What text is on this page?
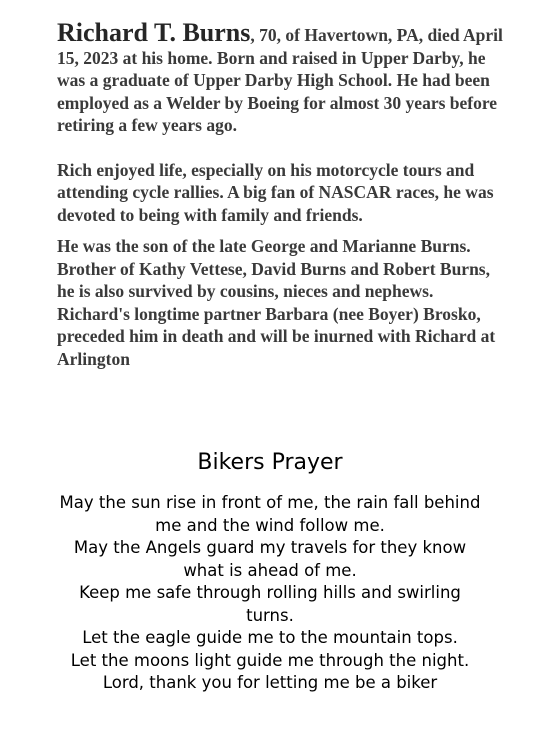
Richard T. Burns, 70, of Havertown, PA, died April 15, 2023 at his home. Born and raised in Upper Darby, he was a graduate of Upper Darby High School. He had been employed as a Welder by Boeing for almost 30 years before retiring a few years ago.

Rich enjoyed life, especially on his motorcycle tours and attending cycle rallies. A big fan of NASCAR races, he was devoted to being with family and friends.

He was the son of the late George and Marianne Burns. Brother of Kathy Vettese, David Burns and Robert Burns, he is also survived by cousins, nieces and nephews.

Richard's longtime partner Barbara (nee Boyer) Brosko, preceded him in death and will be inurned with Richard at Arlington

Bikers Prayer
May the sun rise in front of me, the rain fall behind me and the wind follow me.
May the Angels guard my travels for they know what is ahead of me.
Keep me safe through rolling hills and swirling turns.
Let the eagle guide me to the mountain tops.
Let the moons light guide me through the night.
Lord, thank you for letting me be a biker
